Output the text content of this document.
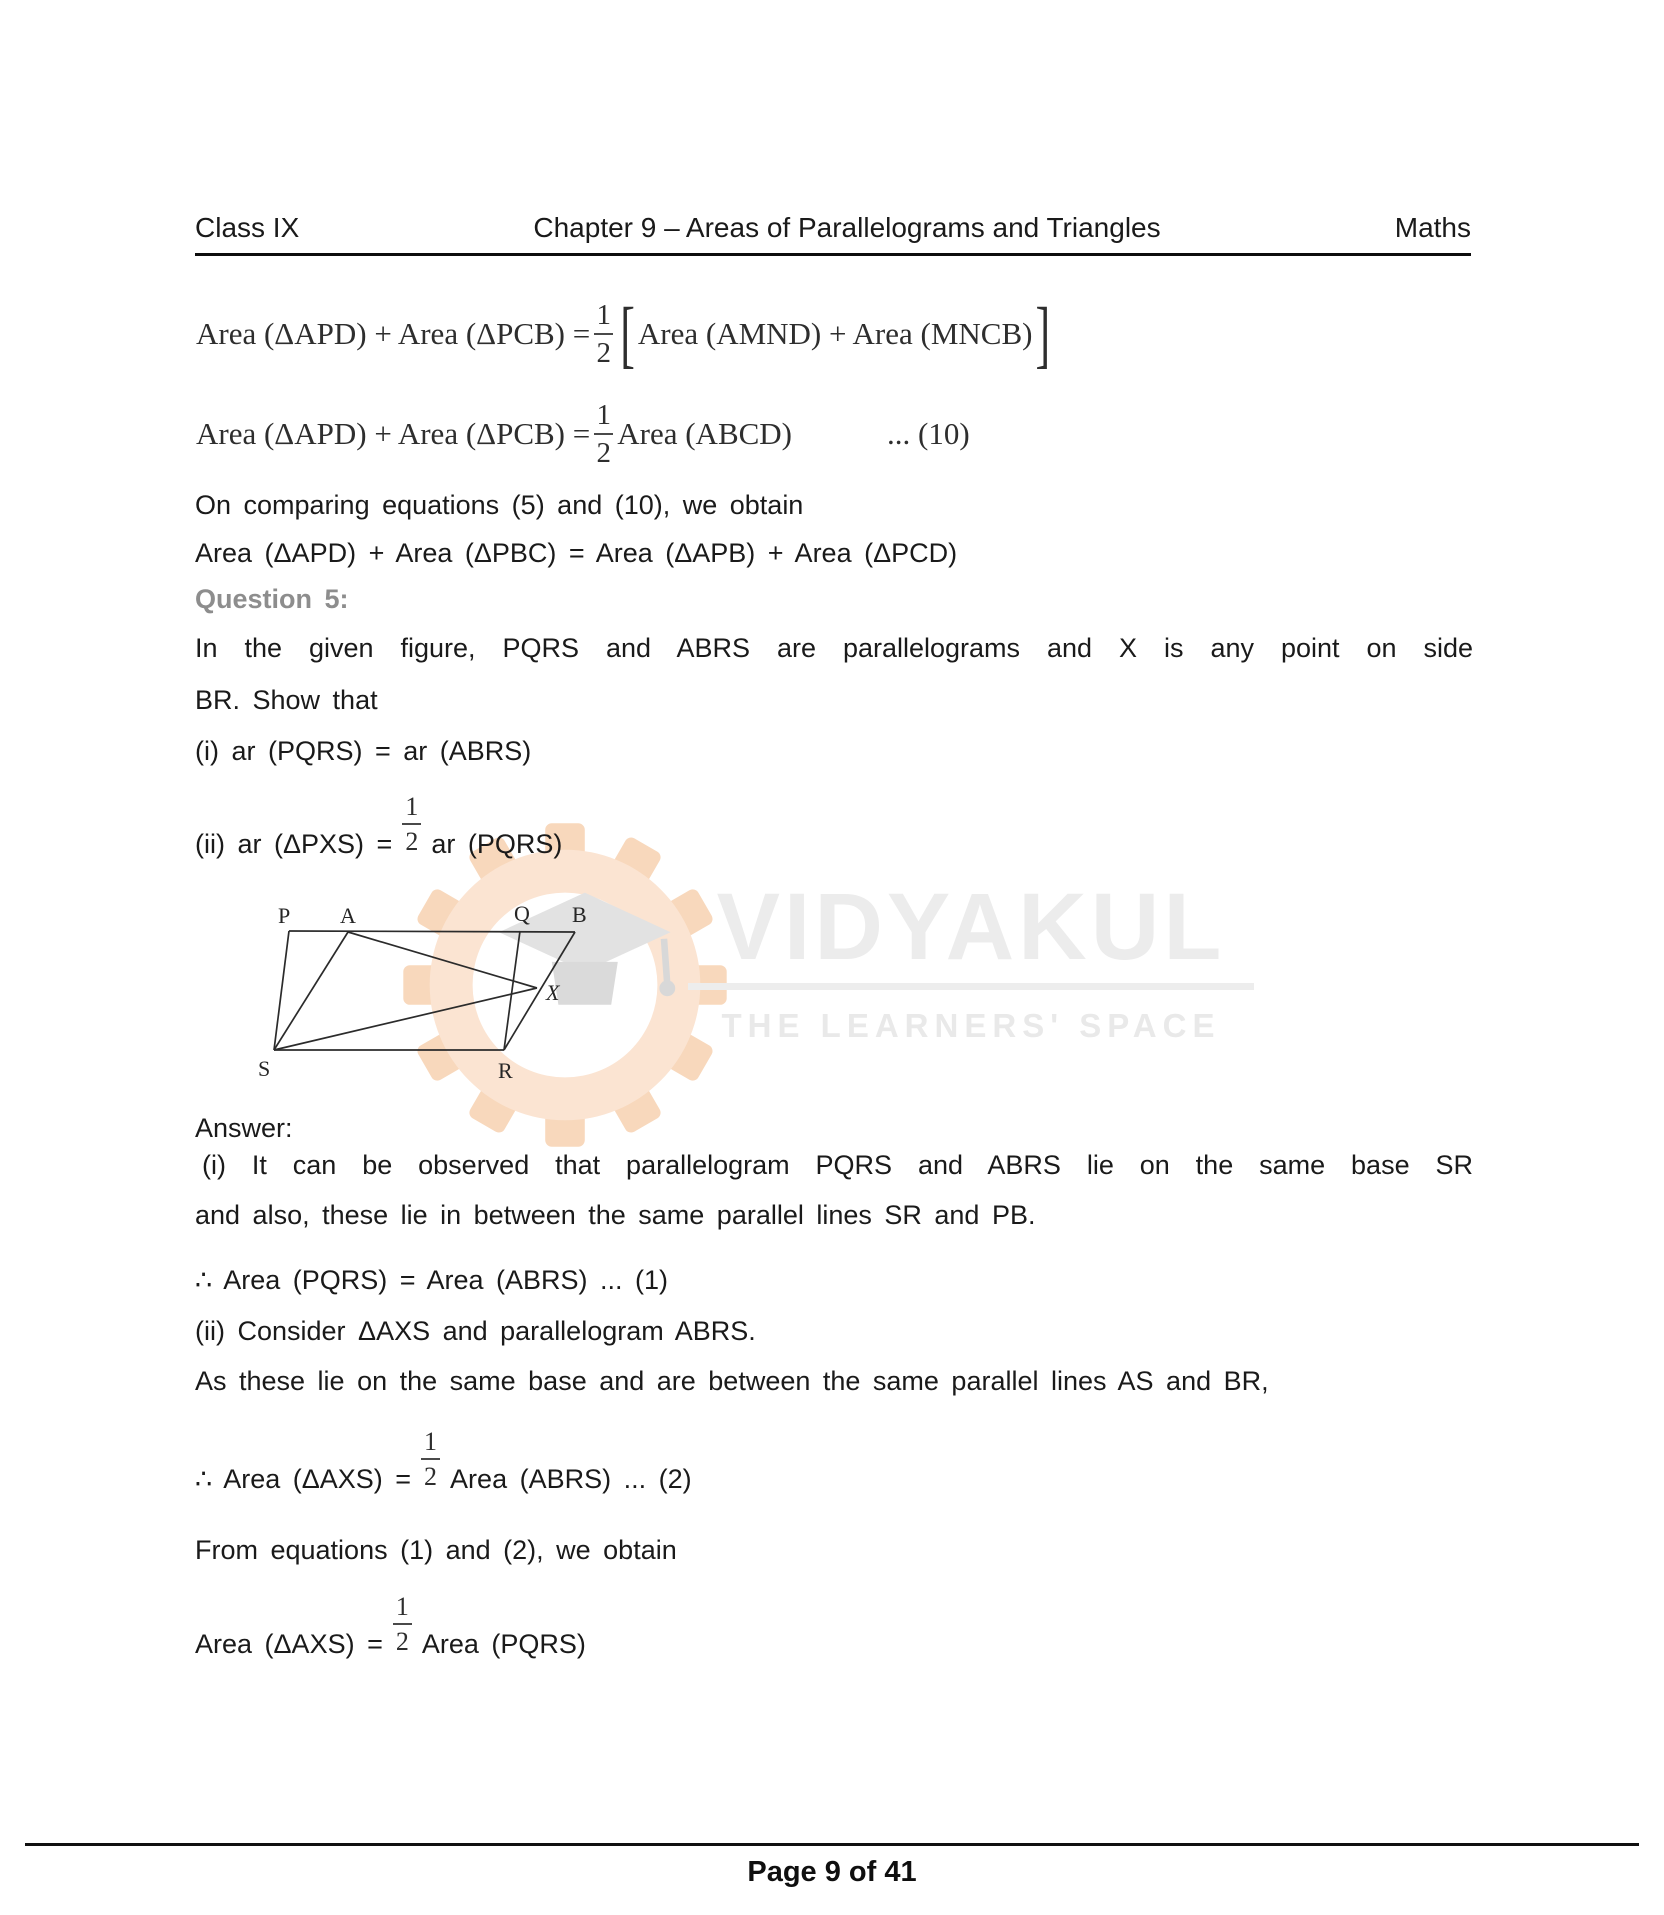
VIDYAKUL
THE LEARNERS' SPACE
Class IX	Chapter 9 – Areas of Parallelograms and Triangles	Maths
Area (ΔAPD) + Area $(\Delta PCB) = \frac{1}{2}$ [ Area (AMND) + Area (MNCB) ]
Area (ΔAPD) + Area $(\Delta PCB) = \frac{1}{2}$ Area (ABCD)	... (10)
On comparing equations (5) and (10), we obtain
Area (ΔAPD) + Area (ΔPBC) = Area (ΔAPB) + Area (ΔPCD)
Question 5:
In the given figure, PQRS and ABRS are parallelograms and X is any point on side
BR. Show that
(i) ar (PQRS) = ar (ABRS)
(ii) ar $(\Delta PXS) = \frac{1}{2}$ ar (PQRS)
P A	Q B
S	R
X
Answer:
(i) It can be observed that parallelogram PQRS and ABRS lie on the same base SR
and also, these lie in between the same parallel lines SR and PB.
∴ Area (PQRS) = Area (ABRS) ... (1)
(ii) Consider ΔAXS and parallelogram ABRS.
As these lie on the same base and are between the same parallel lines AS and BR,
∴ Area $(\Delta AXS) = \frac{1}{2}$ Area (ABRS) ... (2)
From equations (1) and (2), we obtain
Area $(\Delta AXS) = \frac{1}{2}$ Area (PQRS)
Page 9 of 41
